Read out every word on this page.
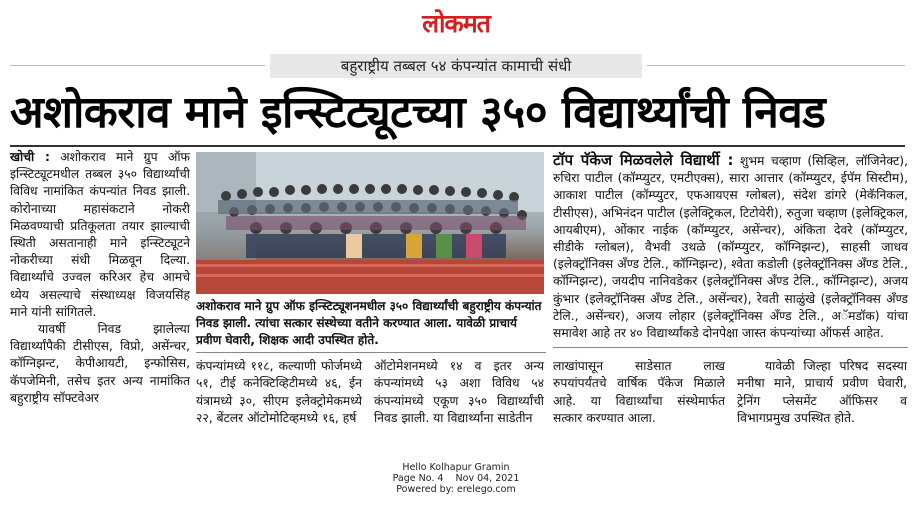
लोकमत
बहुराष्ट्रीय तब्बल ५४ कंपन्यांत कामाची संधी
अशोकराव माने इन्स्टिट्यूटच्या ३५० विद्यार्थ्यांची निवड
खोची : अशोकराव माने ग्रुप ऑफ इन्स्टिट्यूटमधील तब्बल ३५० विद्यार्थ्यांची विविध नामांकित कंपन्यांत निवड झाली. कोरोनाच्या महासंकटाने नोकरी मिळवण्याची प्रतिकूलता तयार झाल्याची स्थिती असतानाही माने इन्स्टिट्यूटने नोकरीच्या संधी मिळवून दिल्या. विद्यार्थ्यांचे उज्वल करिअर हेच आमचे ध्येय असल्याचे संस्थाध्यक्ष विजयसिंह माने यांनी सांगितले.
यावर्षी निवड झालेल्या विद्यार्थ्यांपैकी टीसीएस, विप्रो, असेंन्चर, कॉग्निझन्ट, केपीआयटी, इन्फोसिस, कॅपजेमिनी, तसेच इतर अन्य नामांकित बहुराष्ट्रीय सॉफ्टवेअर
अशोकराव माने ग्रुप ऑफ इन्स्टिट्यूशनमधील ३५० विद्यार्थ्यांची बहुराष्ट्रीय कंपन्यांत निवड झाली. त्यांचा सत्कार संस्थेच्या वतीने करण्यात आला. यावेळी प्राचार्य प्रवीण घेवारी, शिक्षक आदी उपस्थित होते.
टॉप पॅकेज मिळवलेले विद्यार्थी : शुभम चव्हाण (सिव्हिल, लॉजिनेक्ट), रुचिरा पाटील (कॉम्प्युटर, एमटीएक्स), सारा आत्तार (कॉम्प्युटर, ईपॅम सिस्टीम), आकाश पाटील (कॉम्प्युटर, एफआयएस ग्लोबल), संदेश डांगरे (मेकॅनिकल, टीसीएस), अभिनंदन पाटील (इलेक्ट्रिकल, टिटोयेरी), रुतुजा चव्हाण (इलेक्ट्रिकल, आयबीएम), ओंकार नाईक (कॉम्प्युटर, असेंन्चर), अंकिता देवरे (कॉम्प्युटर, सीडीके ग्लोबल), वैभवी उथळे (कॉम्प्युटर, कॉग्निझन्ट), साहसी जाधव (इलेक्ट्रॉनिक्स अँण्ड टेलि., कॉग्निझन्ट), श्वेता कडोली (इलेक्ट्रॉनिक्स अँण्ड टेलि., कॉग्निझन्ट), जयदीप नानिवडेकर (इलेक्ट्रॉनिक्स अँण्ड टेलि., कॉग्निझन्ट), अजय कुंभार (इलेक्ट्रॉनिक्स अँण्ड टेलि., असेंन्चर), रेवती साळुंखे (इलेक्ट्रॉनिक्स अँण्ड टेलि., असेंन्चर), अजय लोहार (इलेक्ट्रॉनिक्स अँण्ड टेलि., अॅमडॉक) यांचा समावेश आहे तर ४० विद्यार्थ्यांकडे दोनपेक्षा जास्त कंपन्यांच्या ऑफर्स आहेत.
कंपन्यांमध्ये ११८, कल्याणी फोर्जमध्ये ५१, टीई कनेक्टिव्हिटीमध्ये ४६, ईन यंत्रामध्ये ३०, सीएम इलेक्ट्रोमेकमध्ये २२, बेंटलर ऑटोमोटिव्हमध्ये १६, हर्ष
ऑटोमेशनमध्ये १४ व इतर अन्य कंपन्यांमध्ये ५३ अशा विविध ५४ कंपन्यांमध्ये एकूण ३५० विद्यार्थ्यांची निवड झाली. या विद्यार्थ्यांना साडेतीन
लाखांपासून साडेसात लाख रुपयांपर्यंतचे वार्षिक पॅकेज मिळाले आहे. या विद्यार्थ्यांचा संस्थेमार्फत सत्कार करण्यात आला.
यावेळी जिल्हा परिषद सदस्या मनीषा माने, प्राचार्य प्रवीण घेवारी, ट्रेनिंग प्लेसमेंट ऑफिसर व विभागप्रमुख उपस्थित होते.
Hello Kolhapur Gramin
Page No. 4    Nov 04, 2021
Powered by: erelego.com
